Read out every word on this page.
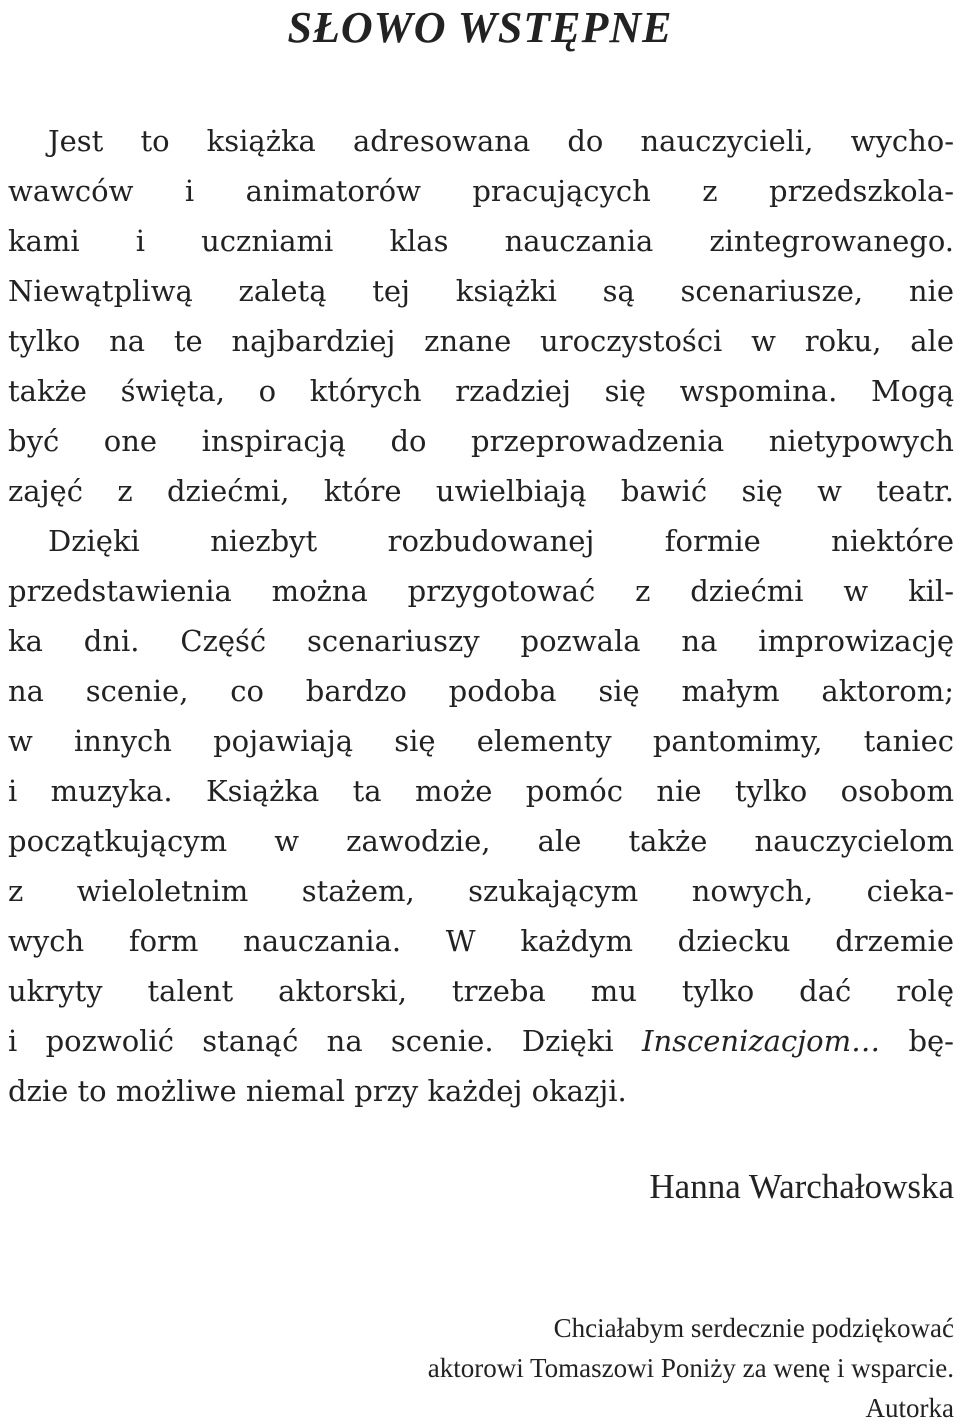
SŁOWO WSTĘPNE
Jest to książka adresowana do nauczycieli, wycho-
wawców i animatorów pracujących z przedszkola-
kami i uczniami klas nauczania zintegrowanego.
Niewątpliwą zaletą tej książki są scenariusze, nie
tylko na te najbardziej znane uroczystości w roku, ale
także święta, o których rzadziej się wspomina. Mogą
być one inspiracją do przeprowadzenia nietypowych
zajęć z dziećmi, które uwielbiają bawić się w teatr.
Dzięki niezbyt rozbudowanej formie niektóre
przedstawienia można przygotować z dziećmi w kil-
ka dni. Część scenariuszy pozwala na improwizację
na scenie, co bardzo podoba się małym aktorom;
w innych pojawiają się elementy pantomimy, taniec
i muzyka. Książka ta może pomóc nie tylko osobom
początkującym w zawodzie, ale także nauczycielom
z wieloletnim stażem, szukającym nowych, cieka-
wych form nauczania. W każdym dziecku drzemie
ukryty talent aktorski, trzeba mu tylko dać rolę
i pozwolić stanąć na scenie. Dzięki Inscenizacjom… bę-
dzie to możliwe niemal przy każdej okazji.

Hanna Warchałowska

Chciałabym serdecznie podziękować
aktorowi Tomaszowi Poniży za wenę i wsparcie.
Autorka
